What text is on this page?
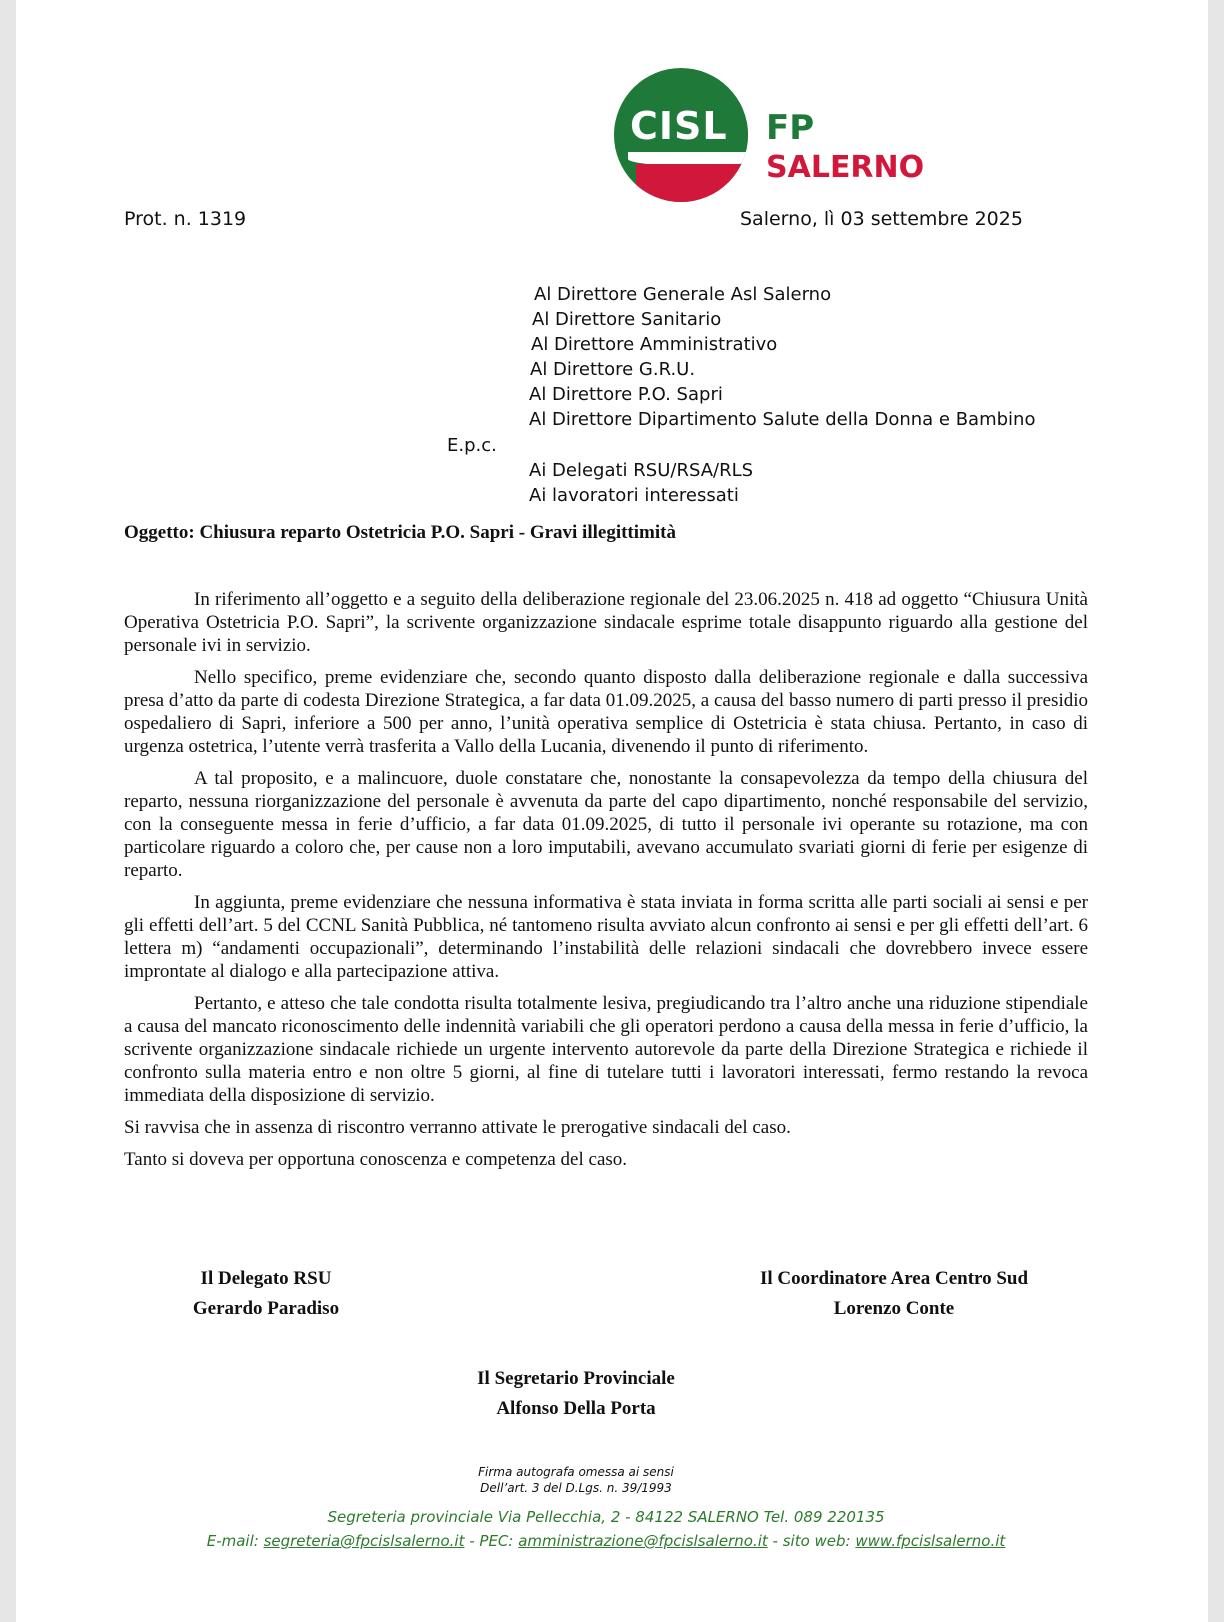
CISL FP
SALERNO
Prot. n. 1319	Salerno, lì 03 settembre 2025
Al Direttore Generale Asl Salerno
Al Direttore Sanitario
Al Direttore Amministrativo
Al Direttore G.R.U.
Al Direttore P.O. Sapri
Al Direttore Dipartimento Salute della Donna e Bambino
E.p.c.
Ai Delegati RSU/RSA/RLS
Ai lavoratori interessati
Oggetto: Chiusura reparto Ostetricia P.O. Sapri - Gravi illegittimità

In riferimento all’oggetto e a seguito della deliberazione regionale del 23.06.2025 n. 418 ad oggetto “Chiusura Unità Operativa Ostetricia P.O. Sapri”, la scrivente organizzazione sindacale esprime totale disappunto riguardo alla gestione del personale ivi in servizio.

Nello specifico, preme evidenziare che, secondo quanto disposto dalla deliberazione regionale e dalla successiva presa d’atto da parte di codesta Direzione Strategica, a far data 01.09.2025, a causa del basso numero di parti presso il presidio ospedaliero di Sapri, inferiore a 500 per anno, l’unità operativa semplice di Ostetricia è stata chiusa. Pertanto, in caso di urgenza ostetrica, l’utente verrà trasferita a Vallo della Lucania, divenendo il punto di riferimento.

A tal proposito, e a malincuore, duole constatare che, nonostante la consapevolezza da tempo della chiusura del reparto, nessuna riorganizzazione del personale è avvenuta da parte del capo dipartimento, nonché responsabile del servizio, con la conseguente messa in ferie d’ufficio, a far data 01.09.2025, di tutto il personale ivi operante su rotazione, ma con particolare riguardo a coloro che, per cause non a loro imputabili, avevano accumulato svariati giorni di ferie per esigenze di reparto.

In aggiunta, preme evidenziare che nessuna informativa è stata inviata in forma scritta alle parti sociali ai sensi e per gli effetti dell’art. 5 del CCNL Sanità Pubblica, né tantomeno risulta avviato alcun confronto ai sensi e per gli effetti dell’art. 6 lettera m) “andamenti occupazionali”, determinando l’instabilità delle relazioni sindacali che dovrebbero invece essere improntate al dialogo e alla partecipazione attiva.

Pertanto, e atteso che tale condotta risulta totalmente lesiva, pregiudicando tra l’altro anche una riduzione stipendiale a causa del mancato riconoscimento delle indennità variabili che gli operatori perdono a causa della messa in ferie d’ufficio, la scrivente organizzazione sindacale richiede un urgente intervento autorevole da parte della Direzione Strategica e richiede il confronto sulla materia entro e non oltre 5 giorni, al fine di tutelare tutti i lavoratori interessati, fermo restando la revoca immediata della disposizione di servizio.

Si ravvisa che in assenza di riscontro verranno attivate le prerogative sindacali del caso.

Tanto si doveva per opportuna conoscenza e competenza del caso.

Il Delegato RSU
Gerardo Paradiso
Il Coordinatore Area Centro Sud
Lorenzo Conte
Il Segretario Provinciale
Alfonso Della Porta
Firma autografa omessa ai sensi
Dell’art. 3 del D.Lgs. n. 39/1993
Segreteria provinciale Via Pellecchia, 2 - 84122 SALERNO Tel. 089 220135
E-mail: segreteria@fpcislsalerno.it - PEC: amministrazione@fpcislsalerno.it - sito web: www.fpcislsalerno.it
